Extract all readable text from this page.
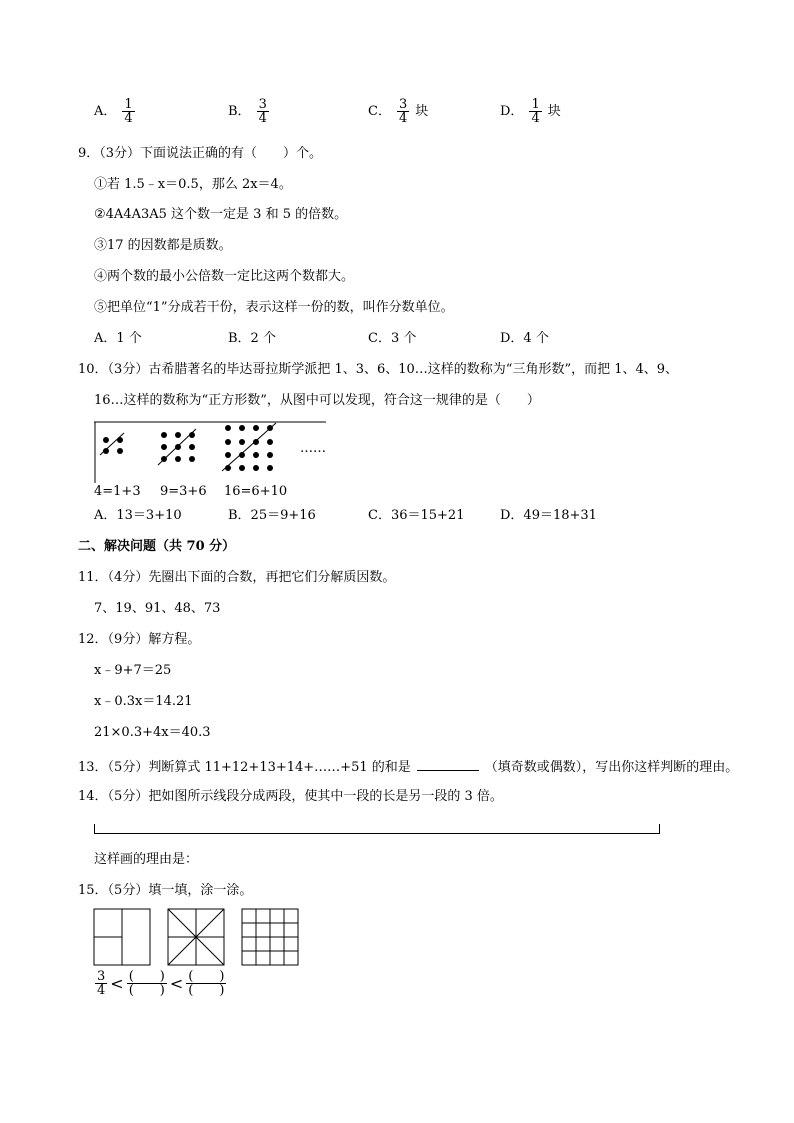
A． $\frac{1}{4}$	B． $\frac{3}{4}$	C． $\frac{3}{4}$ 块	D． $\frac{1}{4}$ 块
9．（3分）下面说法正确的有（　　）个。
①若 1.5﹣x＝0.5，那么 2x＝4。
②4A4A3A5 这个数一定是 3 和 5 的倍数。
③17 的因数都是质数。
④两个数的最小公倍数一定比这两个数都大。
⑤把单位“1”分成若干份，表示这样一份的数，叫作分数单位。
A．1 个	B．2 个	C．3 个	D．4 个
10．（3分）古希腊著名的毕达哥拉斯学派把 1、3、6、10…这样的数称为“三角形数”，而把 1、4、9、
16…这样的数称为“正方形数”，从图中可以发现，符合这一规律的是（　　）
……
4=1+3 9=3+6 16=6+10
A．13＝3+10	B．25＝9+16	C．36＝15+21	D．49＝18+31
二、解决问题（共 70 分）
11．（4分）先圈出下面的合数，再把它们分解质因数。
7、19、91、48、73
12．（9分）解方程。
x﹣9+7＝25
x﹣0.3x＝14.21
21×0.3+4x＝40.3
13．（5分）判断算式 11+12+13+14+……+51 的和是	（填奇数或偶数），写出你这样判断的理由。
14．（5分）把如图所示线段分成两段，使其中一段的长是另一段的 3 倍。
这样画的理由是：
15．（5分）填一填，涂一涂。
$\frac{3}{4} < \frac{( )}{( )} < \frac{( )}{( )}$
